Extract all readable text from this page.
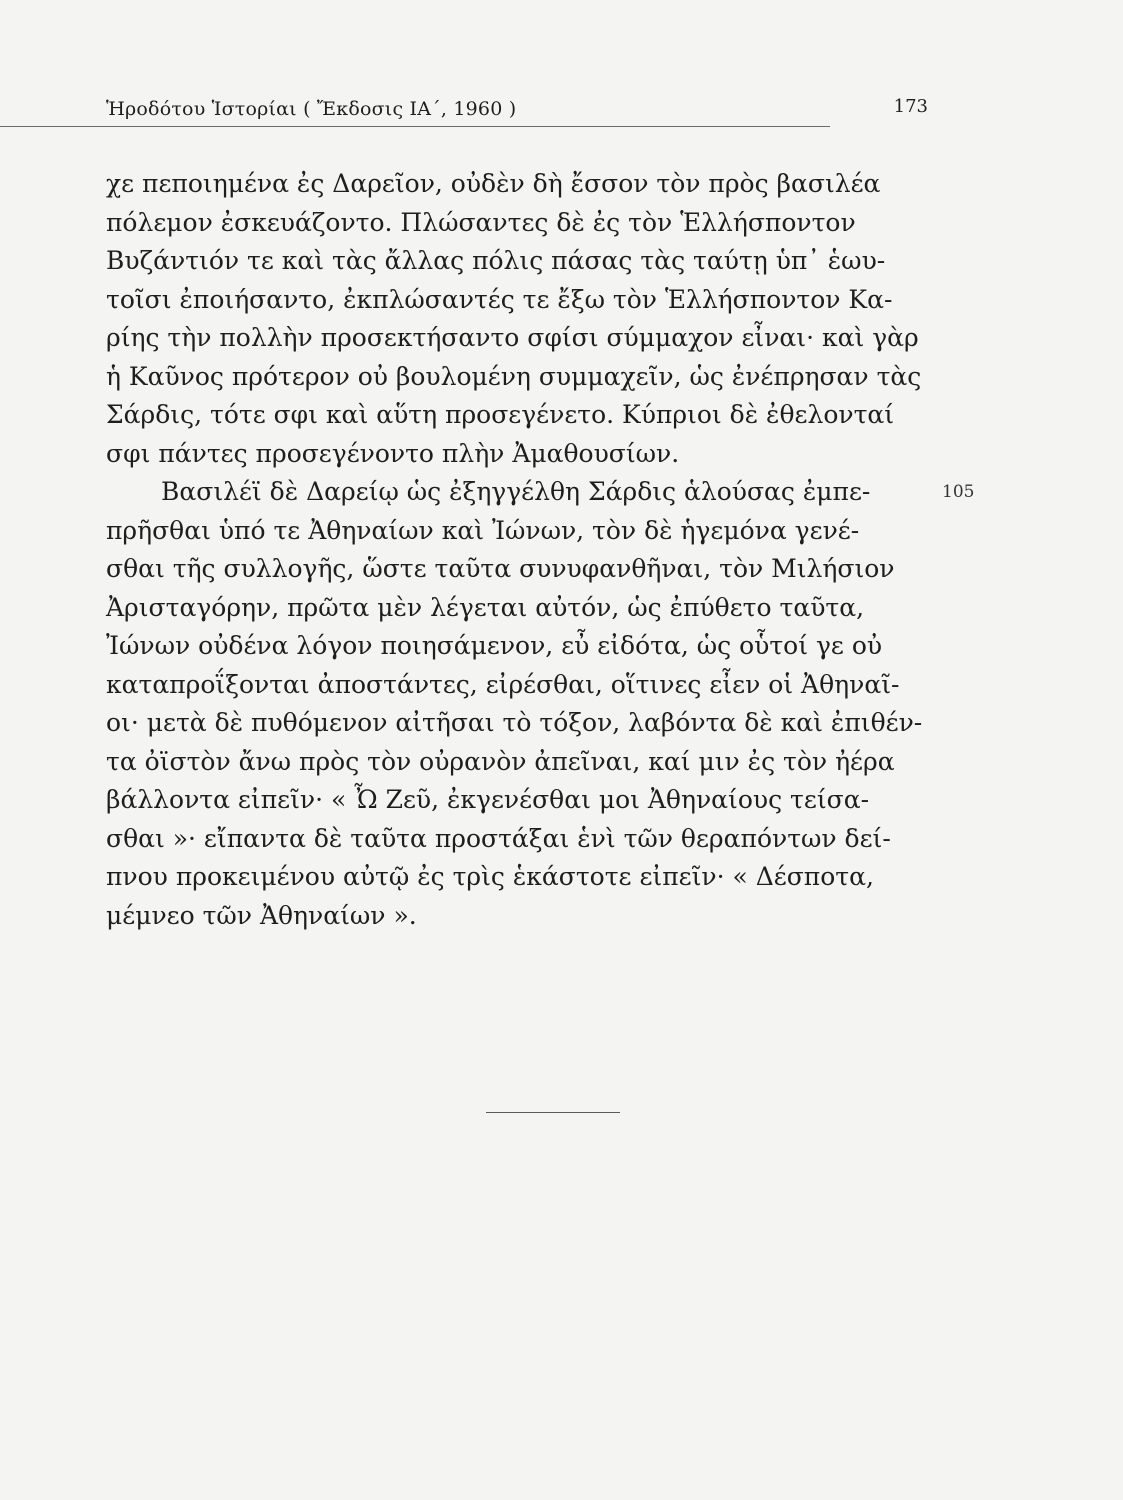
Ἡροδότου Ἱστορίαι ( Ἔκδοσις ΙΑ΄, 1960 )	173
χε πεποιημένα ἐς Δαρεῖον, οὐδὲν δὴ ἔσσον τὸν πρὸς βασιλέα
πόλεμον ἐσκευάζοντο. Πλώσαντες δὲ ἐς τὸν Ἑλλήσποντον
Βυζάντιόν τε καὶ τὰς ἄλλας πόλις πάσας τὰς ταύτῃ ὑπ᾽ ἑωυ-
τοῖσι ἐποιήσαντο, ἐκπλώσαντές τε ἔξω τὸν Ἑλλήσποντον Κα-
ρίης τὴν πολλὴν προσεκτήσαντο σφίσι σύμμαχον εἶναι· καὶ γὰρ
ἡ Καῦνος πρότερον οὐ βουλομένη συμμαχεῖν, ὡς ἐνέπρησαν τὰς
Σάρδις, τότε σφι καὶ αὕτη προσεγένετο. Κύπριοι δὲ ἐθελονταί
σφι πάντες προσεγένοντο πλὴν Ἀμαθουσίων.
Βασιλέϊ δὲ Δαρείῳ ὡς ἐξηγγέλθη Σάρδις ἁλούσας ἐμπε-	105
πρῆσθαι ὑπό τε Ἀθηναίων καὶ Ἰώνων, τὸν δὲ ἡγεμόνα γενέ-
σθαι τῆς συλλογῆς, ὥστε ταῦτα συνυφανθῆναι, τὸν Μιλήσιον
Ἀρισταγόρην, πρῶτα μὲν λέγεται αὐτόν, ὡς ἐπύθετο ταῦτα,
Ἰώνων οὐδένα λόγον ποιησάμενον, εὖ εἰδότα, ὡς οὗτοί γε οὐ
καταπροΐξονται ἀποστάντες, εἰρέσθαι, οἵτινες εἶεν οἱ Ἀθηναῖ-
οι· μετὰ δὲ πυθόμενον αἰτῆσαι τὸ τόξον, λαβόντα δὲ καὶ ἐπιθέν-
τα ὀϊστὸν ἄνω πρὸς τὸν οὐρανὸν ἀπεῖναι, καί μιν ἐς τὸν ἠέρα
βάλλοντα εἰπεῖν· « Ὦ Ζεῦ, ἐκγενέσθαι μοι Ἀθηναίους τείσα-
σθαι »· εἴπαντα δὲ ταῦτα προστάξαι ἑνὶ τῶν θεραπόντων δεί-
πνου προκειμένου αὐτῷ ἐς τρὶς ἑκάστοτε εἰπεῖν· « Δέσποτα,
μέμνεο τῶν Ἀθηναίων ».
